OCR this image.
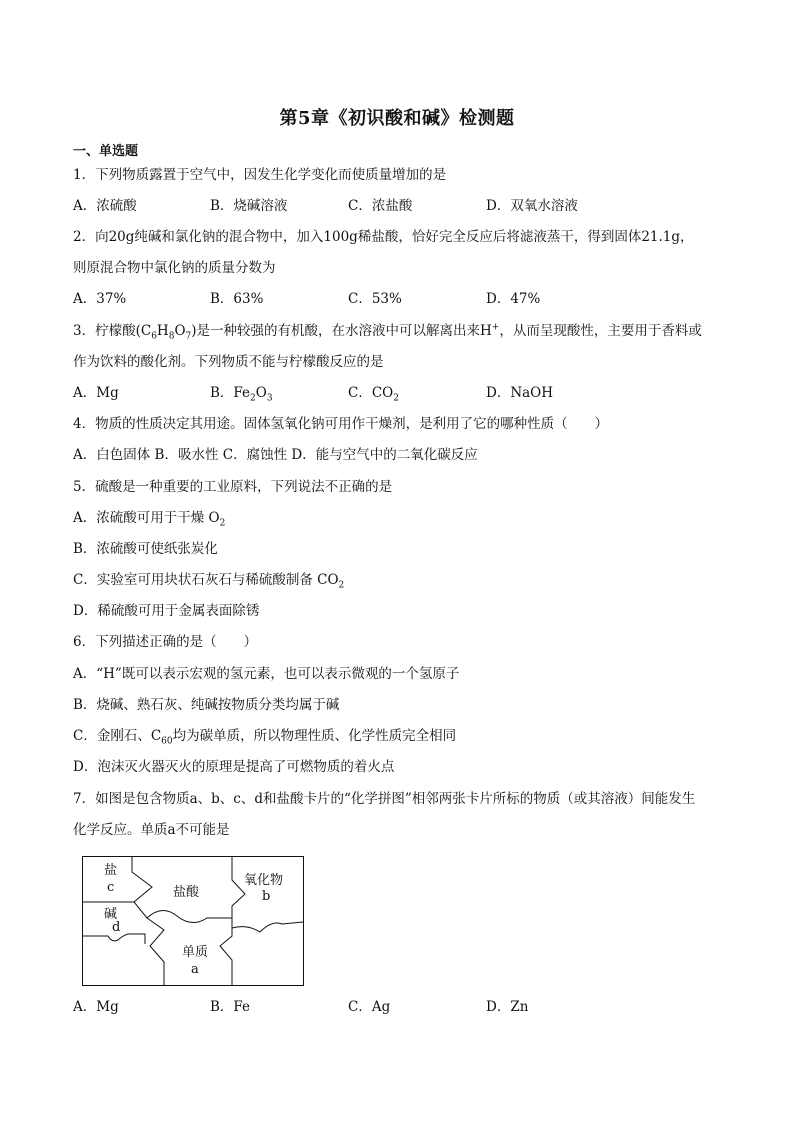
第5章《初识酸和碱》检测题
一、单选题
1．下列物质露置于空气中，因发生化学变化而使质量增加的是
A．浓硫酸	B．烧碱溶液	C．浓盐酸	D．双氧水溶液
2．向20g纯碱和氯化钠的混合物中，加入100g稀盐酸，恰好完全反应后将滤液蒸干，得到固体21.1g，
则原混合物中氯化钠的质量分数为
A．37%	B．63%	C．53%	D．47%
3．柠檬酸$(C_6H_8O_7)$是一种较强的有机酸，在水溶液中可以解离出来H+，从而呈现酸性，主要用于香料或
作为饮料的酸化剂。下列物质不能与柠檬酸反应的是
A．Mg	B．$Fe_2O_3$	C．$CO_2$	D．NaOH
4．物质的性质决定其用途。固体氢氧化钠可用作干燥剂，是利用了它的哪种性质（　　）
A．白色固体 B．吸水性 C．腐蚀性 D．能与空气中的二氧化碳反应
5．硫酸是一种重要的工业原料，下列说法不正确的是
A．浓硫酸可用于干燥 $O_2$
B．浓硫酸可使纸张炭化
C．实验室可用块状石灰石与稀硫酸制备 $CO_2$
D．稀硫酸可用于金属表面除锈
6．下列描述正确的是（　　）
A．“H”既可以表示宏观的氢元素，也可以表示微观的一个氢原子
B．烧碱、熟石灰、纯碱按物质分类均属于碱
C．金刚石、$C_{60}$均为碳单质，所以物理性质、化学性质完全相同
D．泡沫灭火器灭火的原理是提高了可燃物质的着火点
7．如图是包含物质a、b、c、d和盐酸卡片的“化学拼图”相邻两张卡片所标的物质（或其溶液）间能发生
化学反应。单质a不可能是
盐
c	盐酸
氧化物
b
碱
d
单质
a
A．Mg	B．Fe	C．Ag	D．Zn
